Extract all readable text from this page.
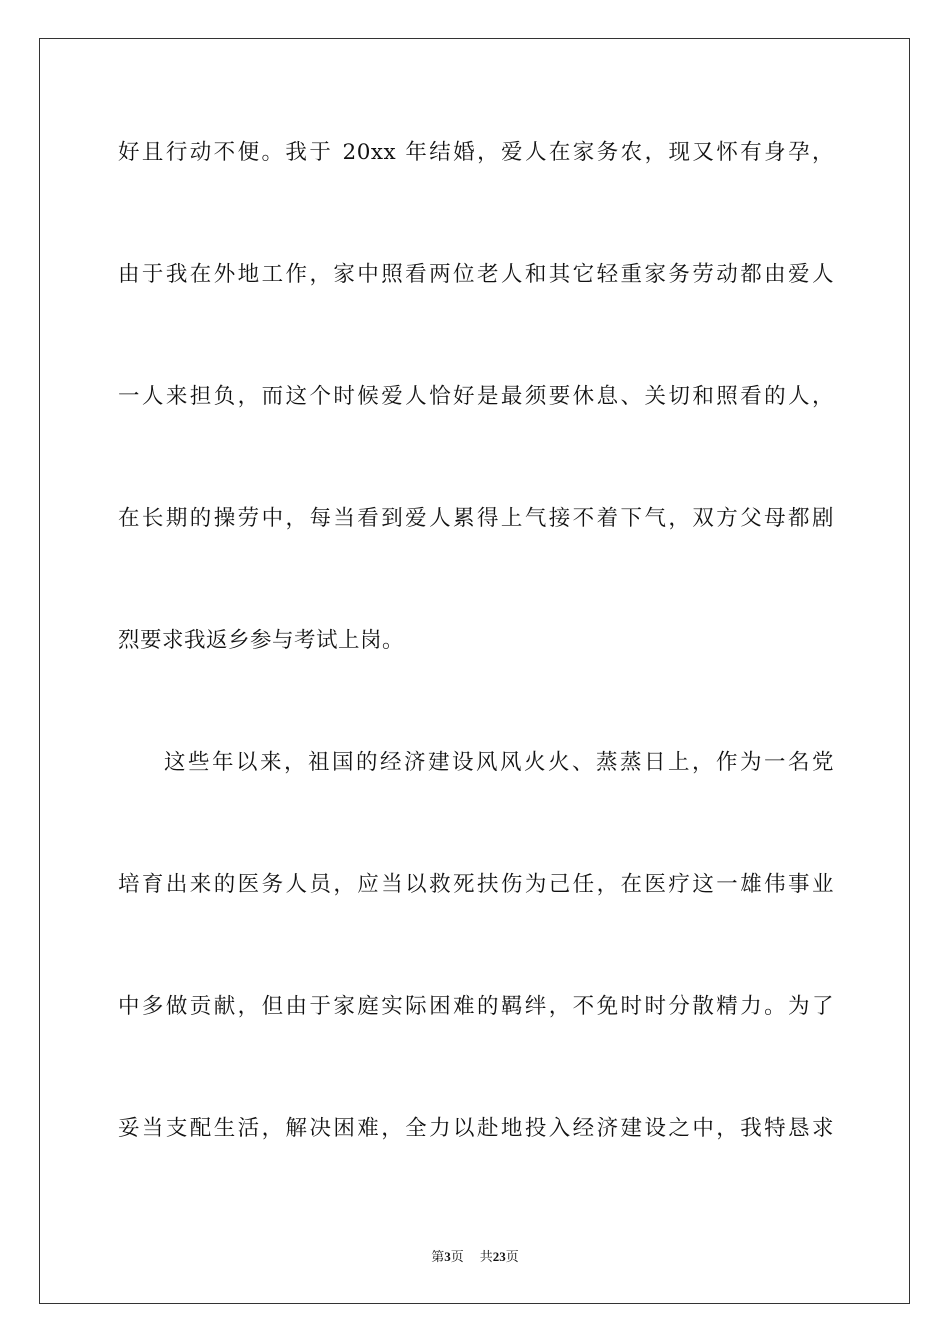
好且行动不便。我于 20xx 年结婚，爱人在家务农，现又怀有身孕，
由于我在外地工作，家中照看两位老人和其它轻重家务劳动都由爱人
一人来担负，而这个时候爱人恰好是最须要休息、关切和照看的人，
在长期的操劳中，每当看到爱人累得上气接不着下气，双方父母都剧
烈要求我返乡参与考试上岗。
这些年以来，祖国的经济建设风风火火、蒸蒸日上，作为一名党
培育出来的医务人员，应当以救死扶伤为己任，在医疗这一雄伟事业
中多做贡献，但由于家庭实际困难的羁绊，不免时时分散精力。为了
妥当支配生活，解决困难，全力以赴地投入经济建设之中，我特恳求
第3页 共23页
